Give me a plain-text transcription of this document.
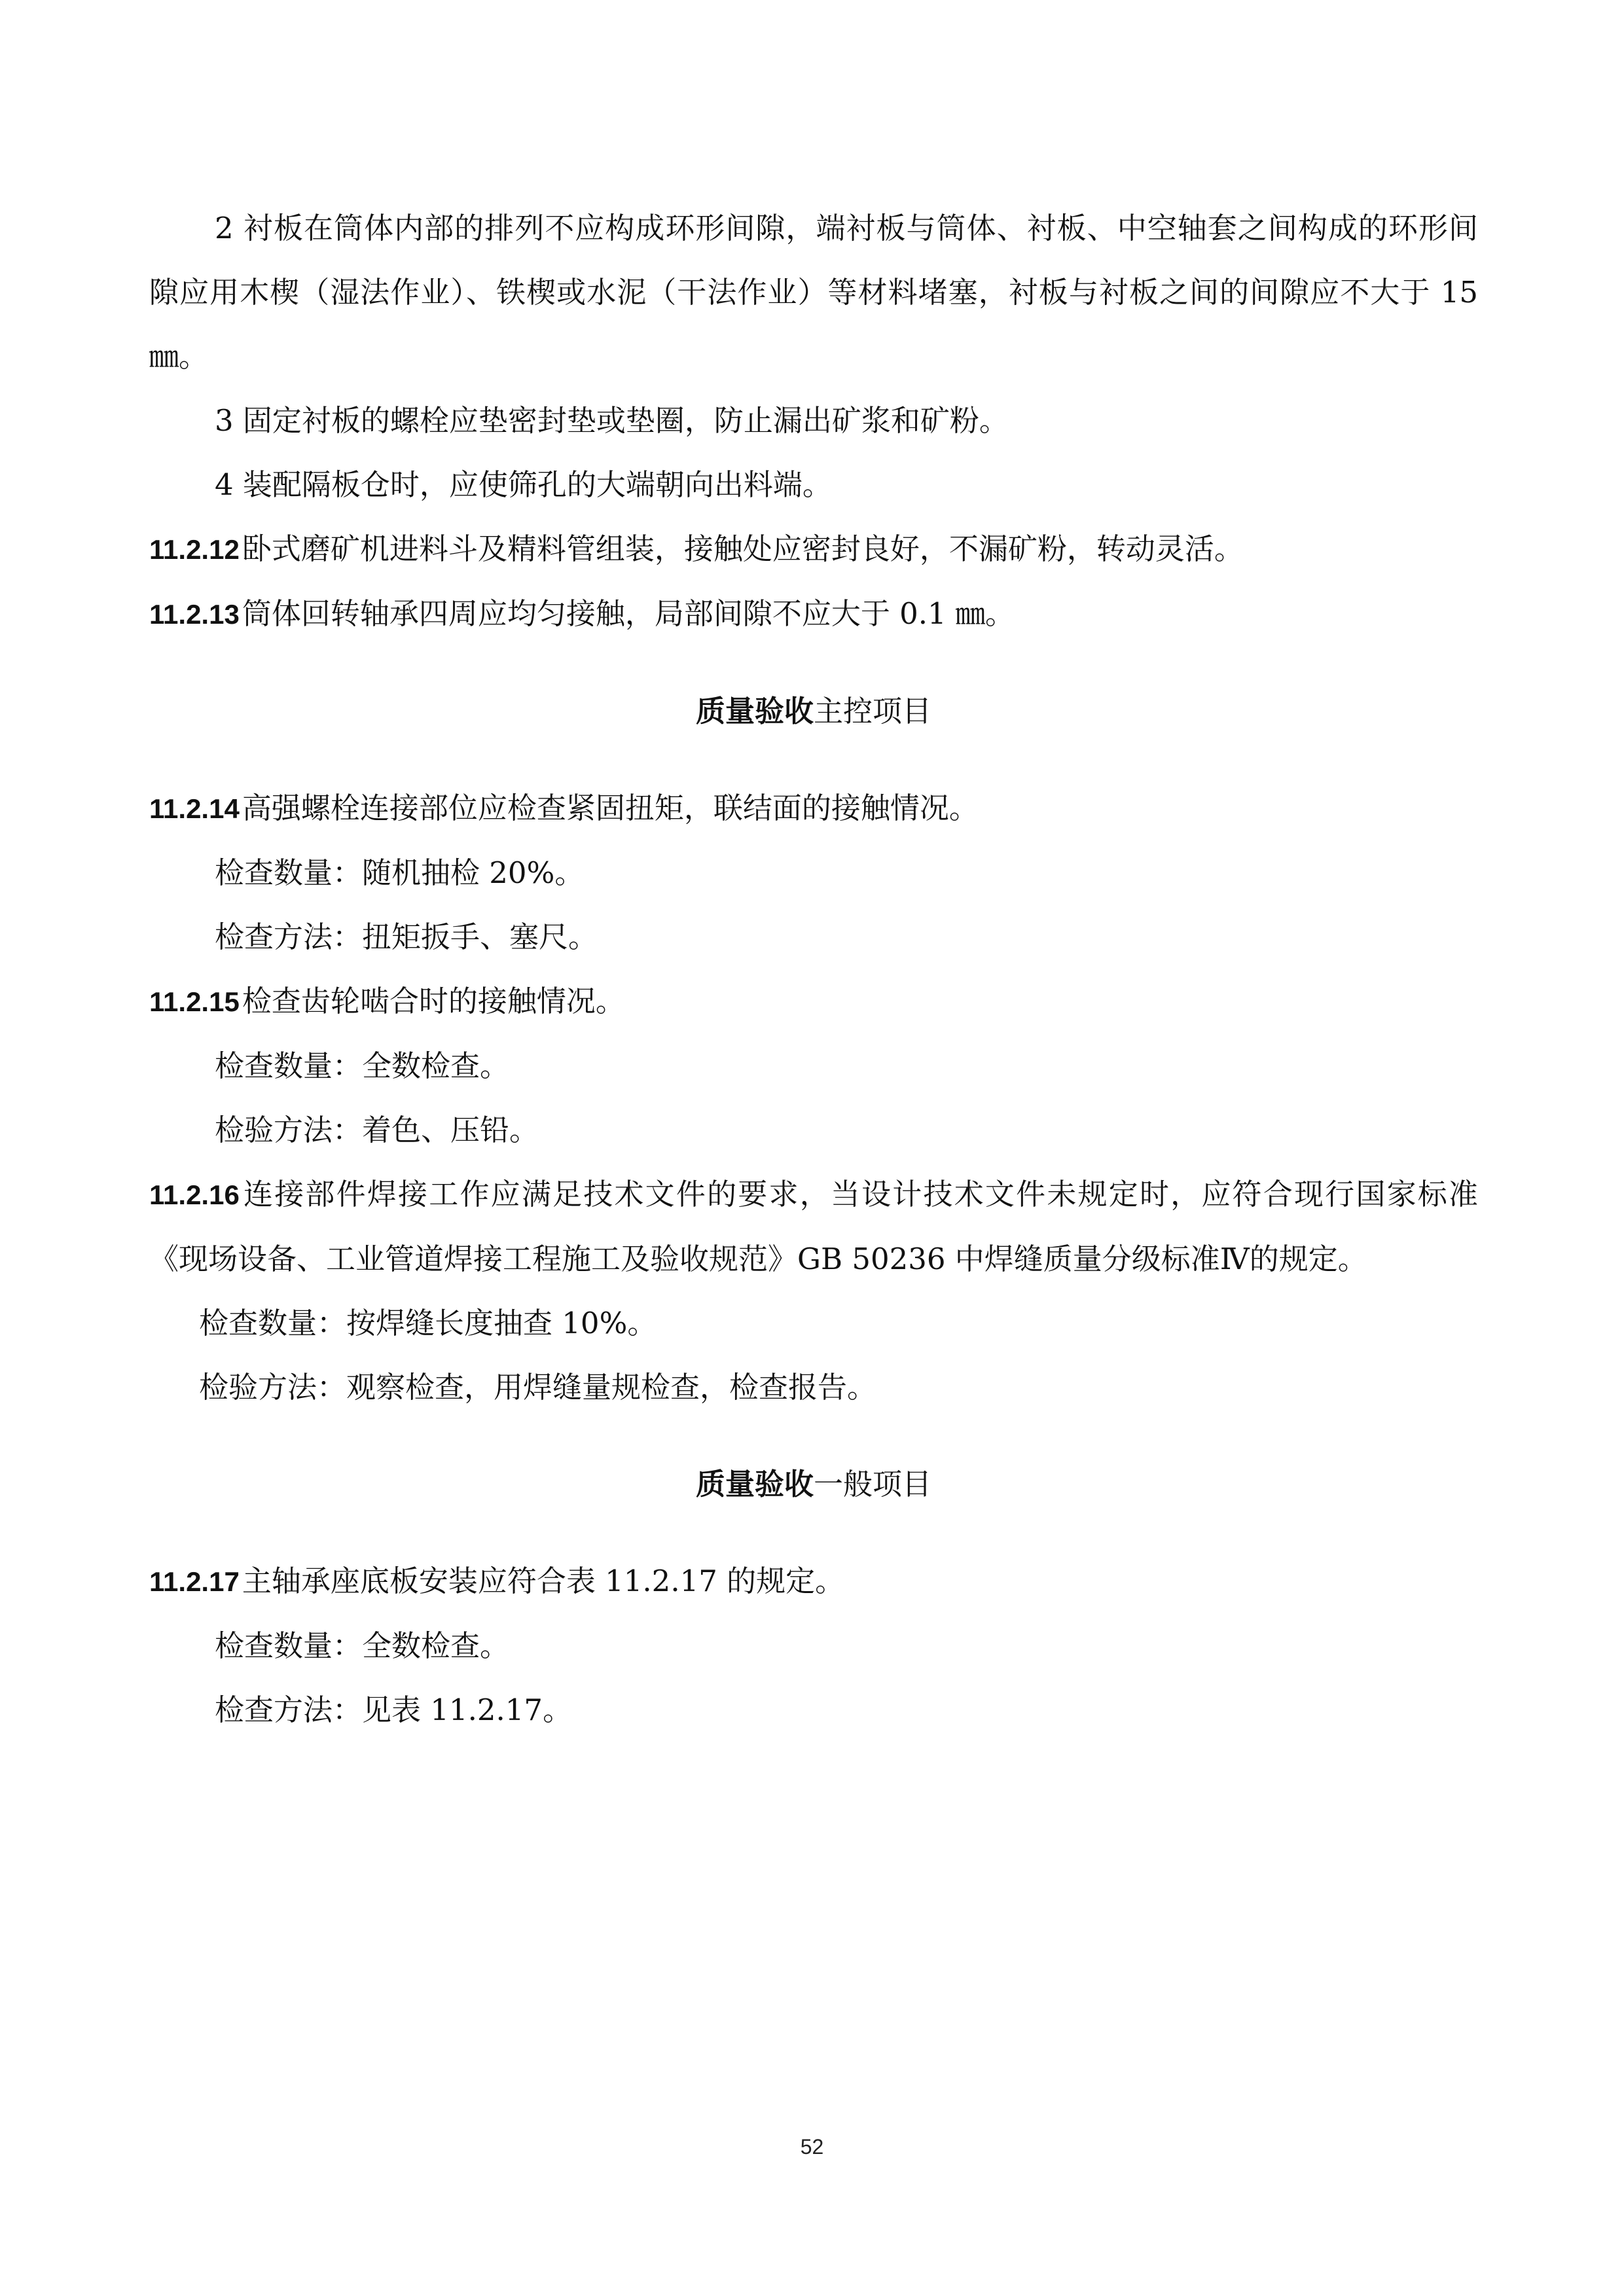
2 衬板在筒体内部的排列不应构成环形间隙，端衬板与筒体、衬板、中空轴套之间构成的环形间隙应用木楔（湿法作业）、铁楔或水泥（干法作业）等材料堵塞，衬板与衬板之间的间隙应不大于 15 ㎜。

3 固定衬板的螺栓应垫密封垫或垫圈，防止漏出矿浆和矿粉。

4 装配隔板仓时，应使筛孔的大端朝向出料端。

11.2.12卧式磨矿机进料斗及精料管组装，接触处应密封良好，不漏矿粉，转动灵活。

11.2.13筒体回转轴承四周应均匀接触，局部间隙不应大于 0.1 ㎜。

质量验收主控项目

11.2.14高强螺栓连接部位应检查紧固扭矩，联结面的接触情况。

检查数量：随机抽检 20%。

检查方法：扭矩扳手、塞尺。

11.2.15检查齿轮啮合时的接触情况。

检查数量：全数检查。

检验方法：着色、压铅。

11.2.16连接部件焊接工作应满足技术文件的要求，当设计技术文件未规定时，应符合现行国家标准《现场设备、工业管道焊接工程施工及验收规范》GB 50236 中焊缝质量分级标准Ⅳ的规定。

检查数量：按焊缝长度抽查 10%。

检验方法：观察检查，用焊缝量规检查，检查报告。

质量验收一般项目

11.2.17主轴承座底板安装应符合表 11.2.17 的规定。

检查数量：全数检查。

检查方法：见表 11.2.17。

52
